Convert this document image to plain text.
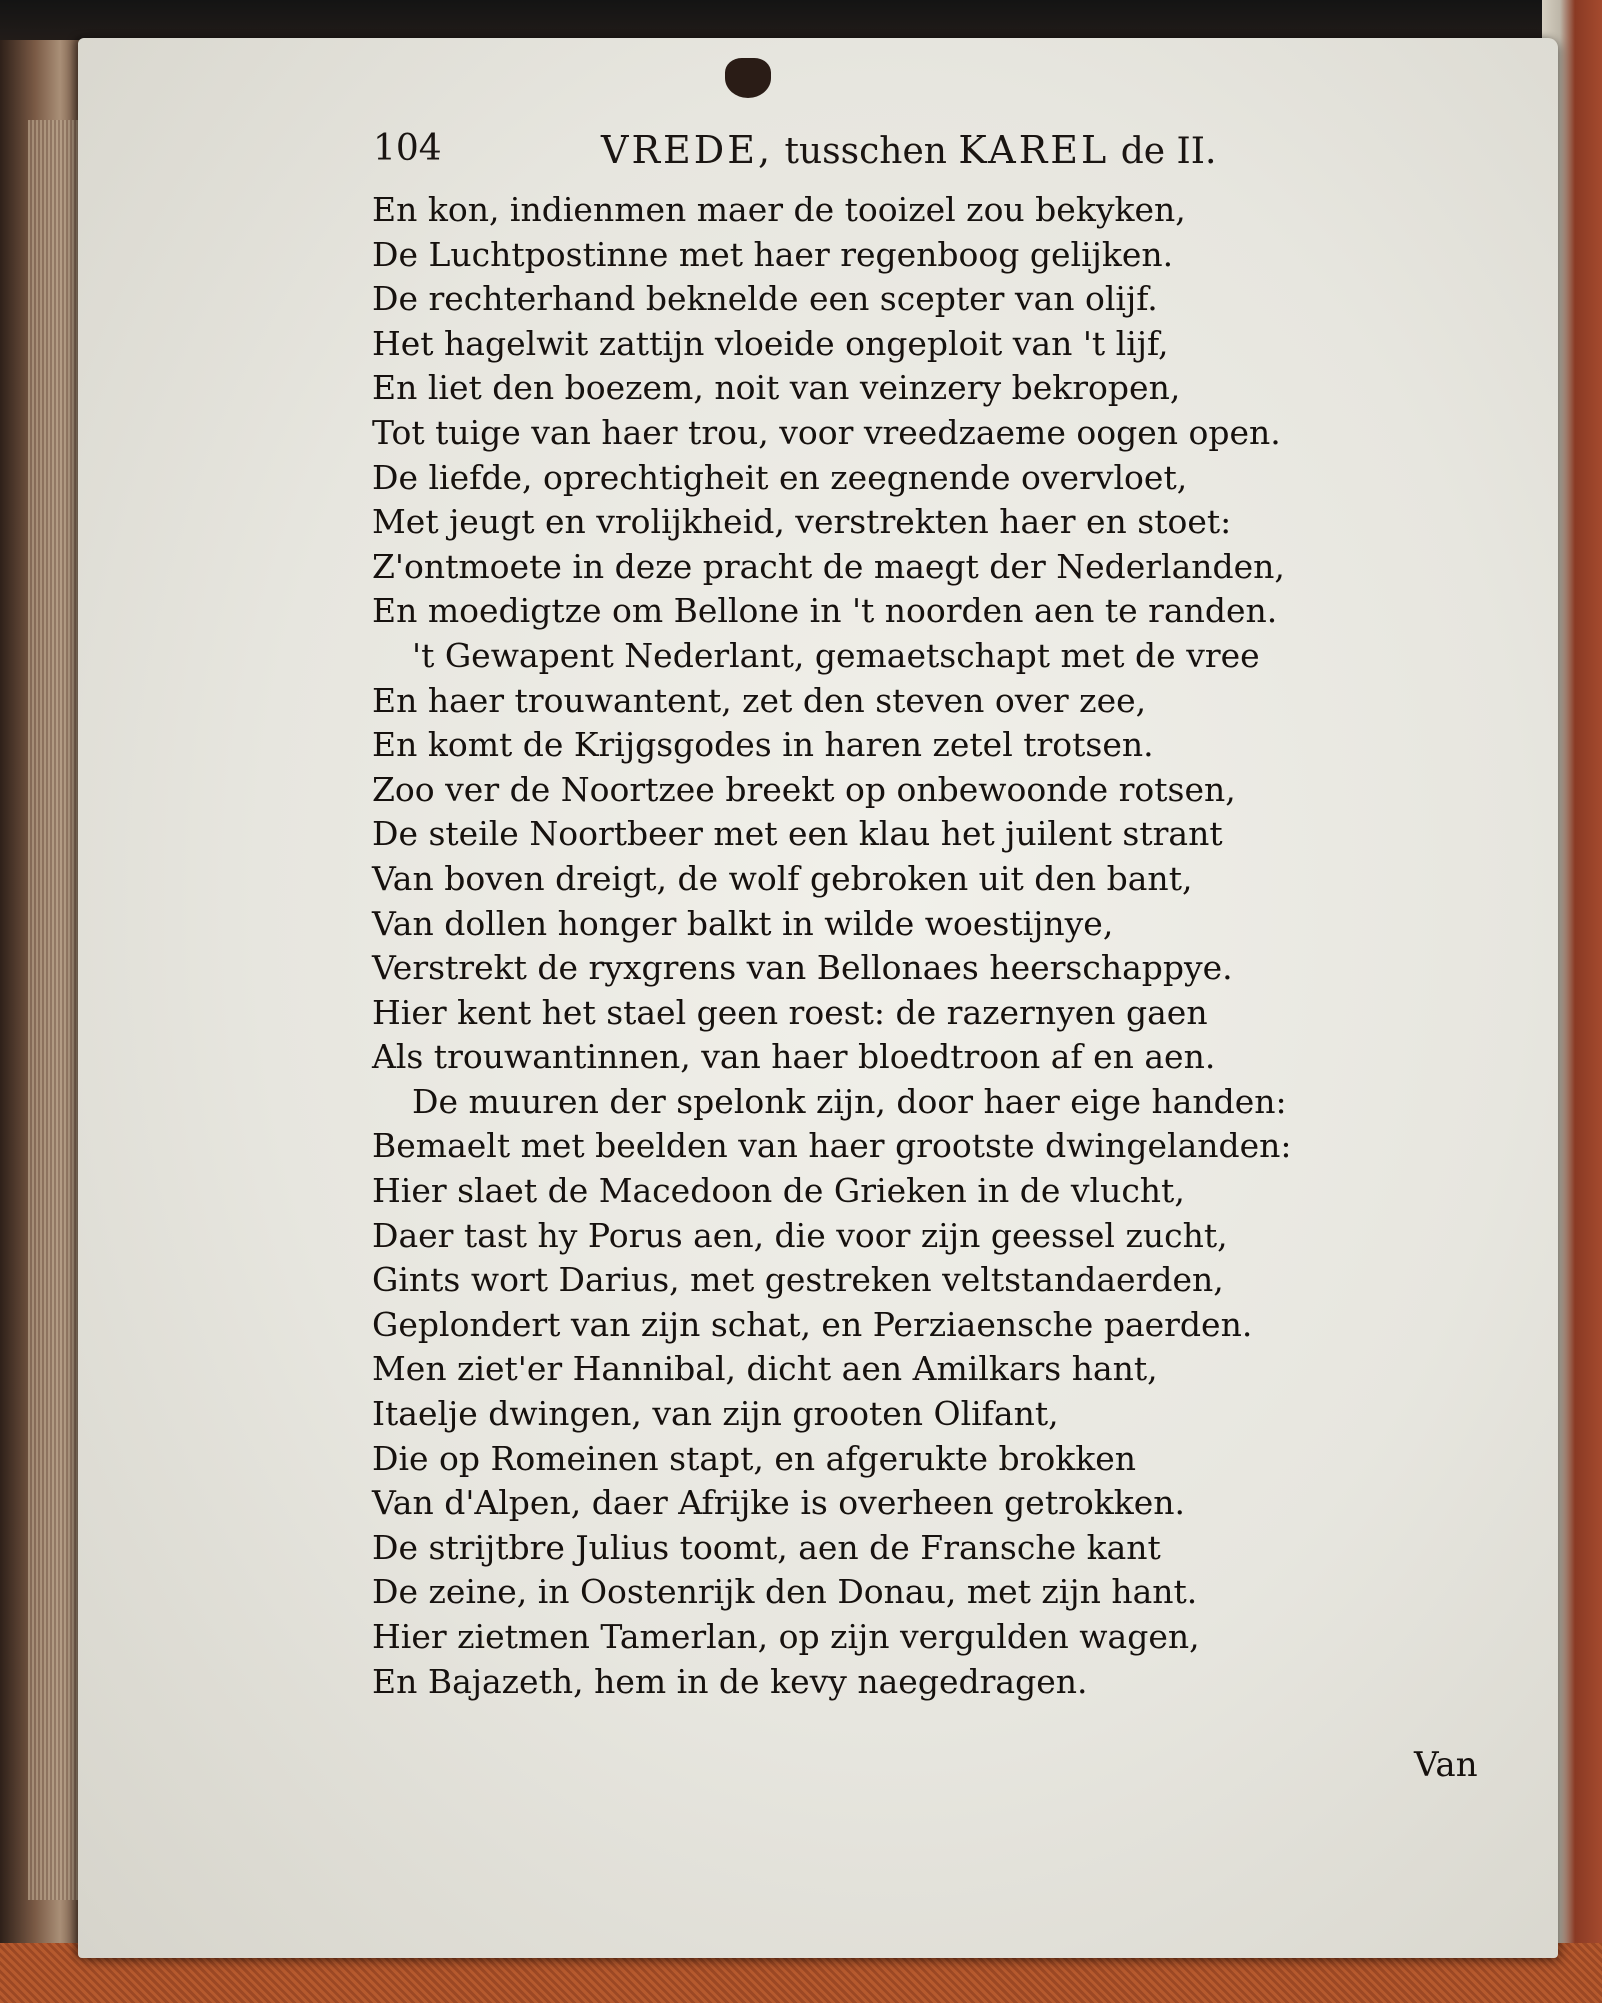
104	VREDE, tusschen KAREL de II.
En kon, indienmen maer de tooizel zou bekyken,
De Luchtpostinne met haer regenboog gelijken.
De rechterhand beknelde een scepter van olijf.
Het hagelwit zattijn vloeide ongeploit van 't lijf,
En liet den boezem, noit van veinzery bekropen,
Tot tuige van haer trou, voor vreedzaeme oogen open.
De liefde, oprechtigheit en zeegnende overvloet,
Met jeugt en vrolijkheid, verstrekten haer en stoet:
Z'ontmoete in deze pracht de maegt der Nederlanden,
En moedigtze om Bellone in 't noorden aen te randen.
't Gewapent Nederlant, gemaetschapt met de vree
En haer trouwantent, zet den steven over zee,
En komt de Krijgsgodes in haren zetel trotsen.
Zoo ver de Noortzee breekt op onbewoonde rotsen,
De steile Noortbeer met een klau het juilent strant
Van boven dreigt, de wolf gebroken uit den bant,
Van dollen honger balkt in wilde woestijnye,
Verstrekt de ryxgrens van Bellonaes heerschappye.
Hier kent het stael geen roest: de razernyen gaen
Als trouwantinnen, van haer bloedtroon af en aen.
De muuren der spelonk zijn, door haer eige handen:
Bemaelt met beelden van haer grootste dwingelanden:
Hier slaet de Macedoon de Grieken in de vlucht,
Daer tast hy Porus aen, die voor zijn geessel zucht,
Gints wort Darius, met gestreken veltstandaerden,
Geplondert van zijn schat, en Perziaensche paerden.
Men ziet'er Hannibal, dicht aen Amilkars hant,
Itaelje dwingen, van zijn grooten Olifant,
Die op Romeinen stapt, en afgerukte brokken
Van d'Alpen, daer Afrijke is overheen getrokken.
De strijtbre Julius toomt, aen de Fransche kant
De zeine, in Oostenrijk den Donau, met zijn hant.
Hier zietmen Tamerlan, op zijn vergulden wagen,
En Bajazeth, hem in de kevy naegedragen.
Van
